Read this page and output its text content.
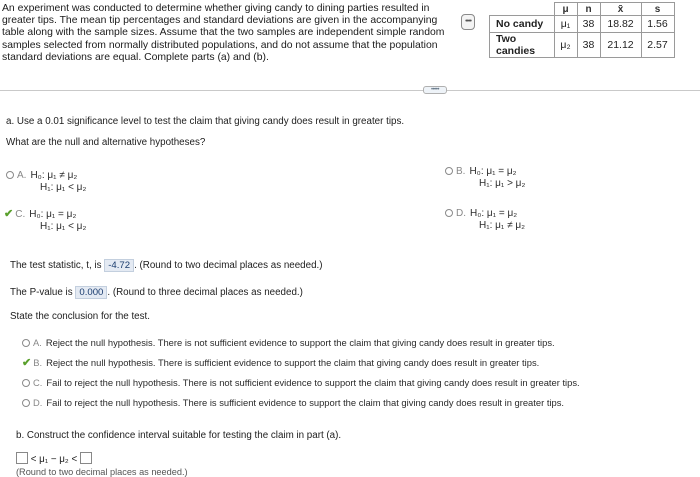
An experiment was conducted to determine whether giving candy to dining parties resulted in
greater tips. The mean tip percentages and standard deviations are given in the accompanying
table along with the sample sizes. Assume that the two samples are independent simple random
samples selected from normally distributed populations, and do not assume that the population
standard deviations are equal. Complete parts (a) and (b).
••••
	μ	n	x̄	s
No candy	μ₁	38	18.82	1.56
Two candies	μ₂	38	21.12	2.57
•••••
a. Use a 0.01 significance level to test the claim that giving candy does result in greater tips.
What are the null and alternative hypotheses?
A. H₀: μ₁ ≠ μ₂
H₁: μ₁ < μ₂
B. H₀: μ₁ = μ₂
H₁: μ₁ > μ₂
✔ C. H₀: μ₁ = μ₂
H₁: μ₁ < μ₂
D. H₀: μ₁ = μ₂
H₁: μ₁ ≠ μ₂
The test statistic, t, is -4.72 . (Round to two decimal places as needed.)
The P-value is 0.000 . (Round to three decimal places as needed.)
State the conclusion for the test.
A. Reject the null hypothesis. There is not sufficient evidence to support the claim that giving candy does result in greater tips.
✔ B. Reject the null hypothesis. There is sufficient evidence to support the claim that giving candy does result in greater tips.
C. Fail to reject the null hypothesis. There is not sufficient evidence to support the claim that giving candy does result in greater tips.
D. Fail to reject the null hypothesis. There is sufficient evidence to support the claim that giving candy does result in greater tips.
b. Construct the confidence interval suitable for testing the claim in part (a).
< μ₁ − μ₂ <
(Round to two decimal places as needed.)
